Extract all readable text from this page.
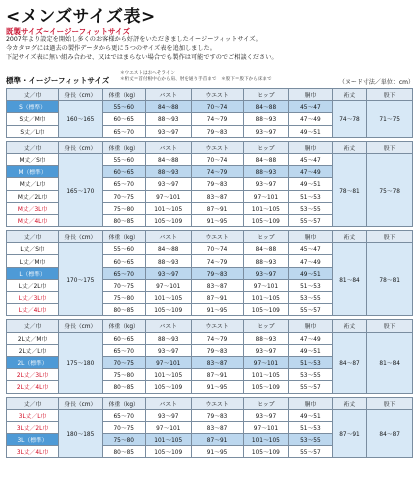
<メンズサイズ表>
既製サイズ~イージーフィットサイズ
2007年より設定を開始し多くのお客様から好評をいただきましたイージーフィットサイズ。
今カタログには過去の製作データから更に５つのサイズ表を追加しました。
下記サイズ表に無い組み合わせ、又はではまらない場合でも製作は可能ですのでご相談ください。
標準・イージーフィットサイズ
＊ウエストはおへそライン
＊桁丈＝首付根中心から肩、肘を通り手首まで　＊股下＝股下から床まで	（ヌード寸法／単位：cm）
丈／巾	身長（cm）	体重（kg）	バスト	ウエスト	ヒップ	胴巾	裄丈	股下
S（標準）	160～165	55～60	84～88	70～74	84～88	45～47	74～78	71～75
S丈／M巾		60～65	88～93	74～79	88～93	47～49		
S丈／L巾		65～70	93～97	79～83	93～97	49～51		
丈／巾	身長（cm）	体重（kg）	バスト	ウエスト	ヒップ	胴巾	裄丈	股下
M丈／S巾	165～170	55～60	84～88	70～74	84～88	45～47	78～81	75～78
M（標準）		60～65	88～93	74～79	88～93	47～49		
M丈／L巾		65～70	93～97	79～83	93～97	49～51		
M丈／2L巾		70～75	97～101	83～87	97～101	51～53		
M丈／3L巾		75～80	101～105	87～91	101～105	53～55		
M丈／4L巾		80～85	105～109	91～95	105～109	55～57		
丈／巾	身長（cm）	体重（kg）	バスト	ウエスト	ヒップ	胴巾	裄丈	股下
L丈／S巾	170～175	55～60	84～88	70～74	84～88	45～47	81～84	78～81
L丈／M巾		60～65	88～93	74～79	88～93	47～49		
L（標準）		65～70	93～97	79～83	93～97	49～51		
L丈／2L巾		70～75	97～101	83～87	97～101	51～53		
L丈／3L巾		75～80	101～105	87～91	101～105	53～55		
L丈／4L巾		80～85	105～109	91～95	105～109	55～57		
丈／巾	身長（cm）	体重（kg）	バスト	ウエスト	ヒップ	胴巾	裄丈	股下
2L丈／M巾	175～180	60～65	88～93	74～79	88～93	47～49	84～87	81～84
2L丈／L巾		65～70	93～97	79～83	93～97	49～51		
2L（標準）		70～75	97～101	83～87	97～101	51～53		
2L丈／3L巾		75～80	101～105	87～91	101～105	53～55		
2L丈／4L巾		80～85	105～109	91～95	105～109	55～57		
丈／巾	身長（cm）	体重（kg）	バスト	ウエスト	ヒップ	胴巾	裄丈	股下
3L丈／L巾	180～185	65～70	93～97	79～83	93～97	49～51	87～91	84～87
3L丈／2L巾		70～75	97～101	83～87	97～101	51～53		
3L（標準）		75～80	101～105	87～91	101～105	53～55		
3L丈／4L巾		80～85	105～109	91～95	105～109	55～57		
